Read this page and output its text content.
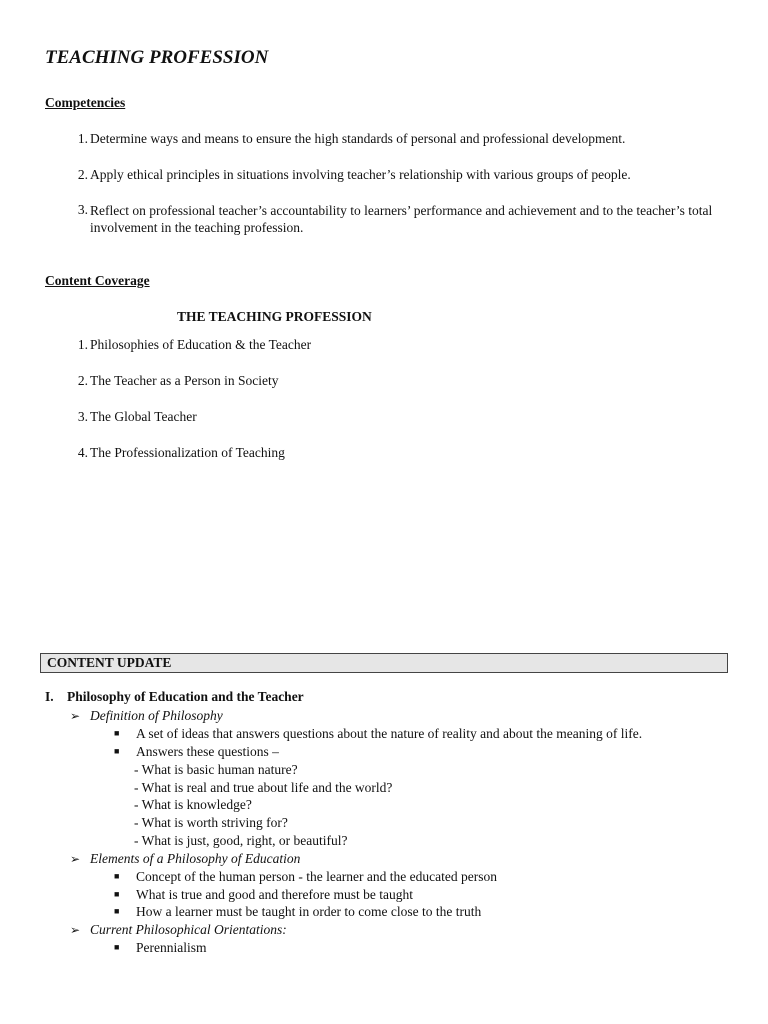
TEACHING PROFESSION
Competencies
1. Determine ways and means to ensure the high standards of personal and professional development.
2. Apply ethical principles in situations involving teacher’s relationship with various groups of people.
3. Reflect on professional teacher’s accountability to learners’ performance and achievement and to the teacher’s total involvement in the teaching profession.
Content Coverage
THE TEACHING PROFESSION
1. Philosophies of Education & the Teacher
2. The Teacher as a Person in Society
3. The Global Teacher
4. The Professionalization of Teaching
CONTENT UPDATE
I. Philosophy of Education and the Teacher
➢ Definition of Philosophy
■ A set of ideas that answers questions about the nature of reality and about the meaning of life.
■ Answers these questions –
- What is basic human nature?
- What is real and true about life and the world?
- What is knowledge?
- What is worth striving for?
- What is just, good, right, or beautiful?
➢ Elements of a Philosophy of Education
■ Concept of the human person - the learner and the educated person
■ What is true and good and therefore must be taught
■ How a learner must be taught in order to come close to the truth
➢ Current Philosophical Orientations:
■ Perennialism
